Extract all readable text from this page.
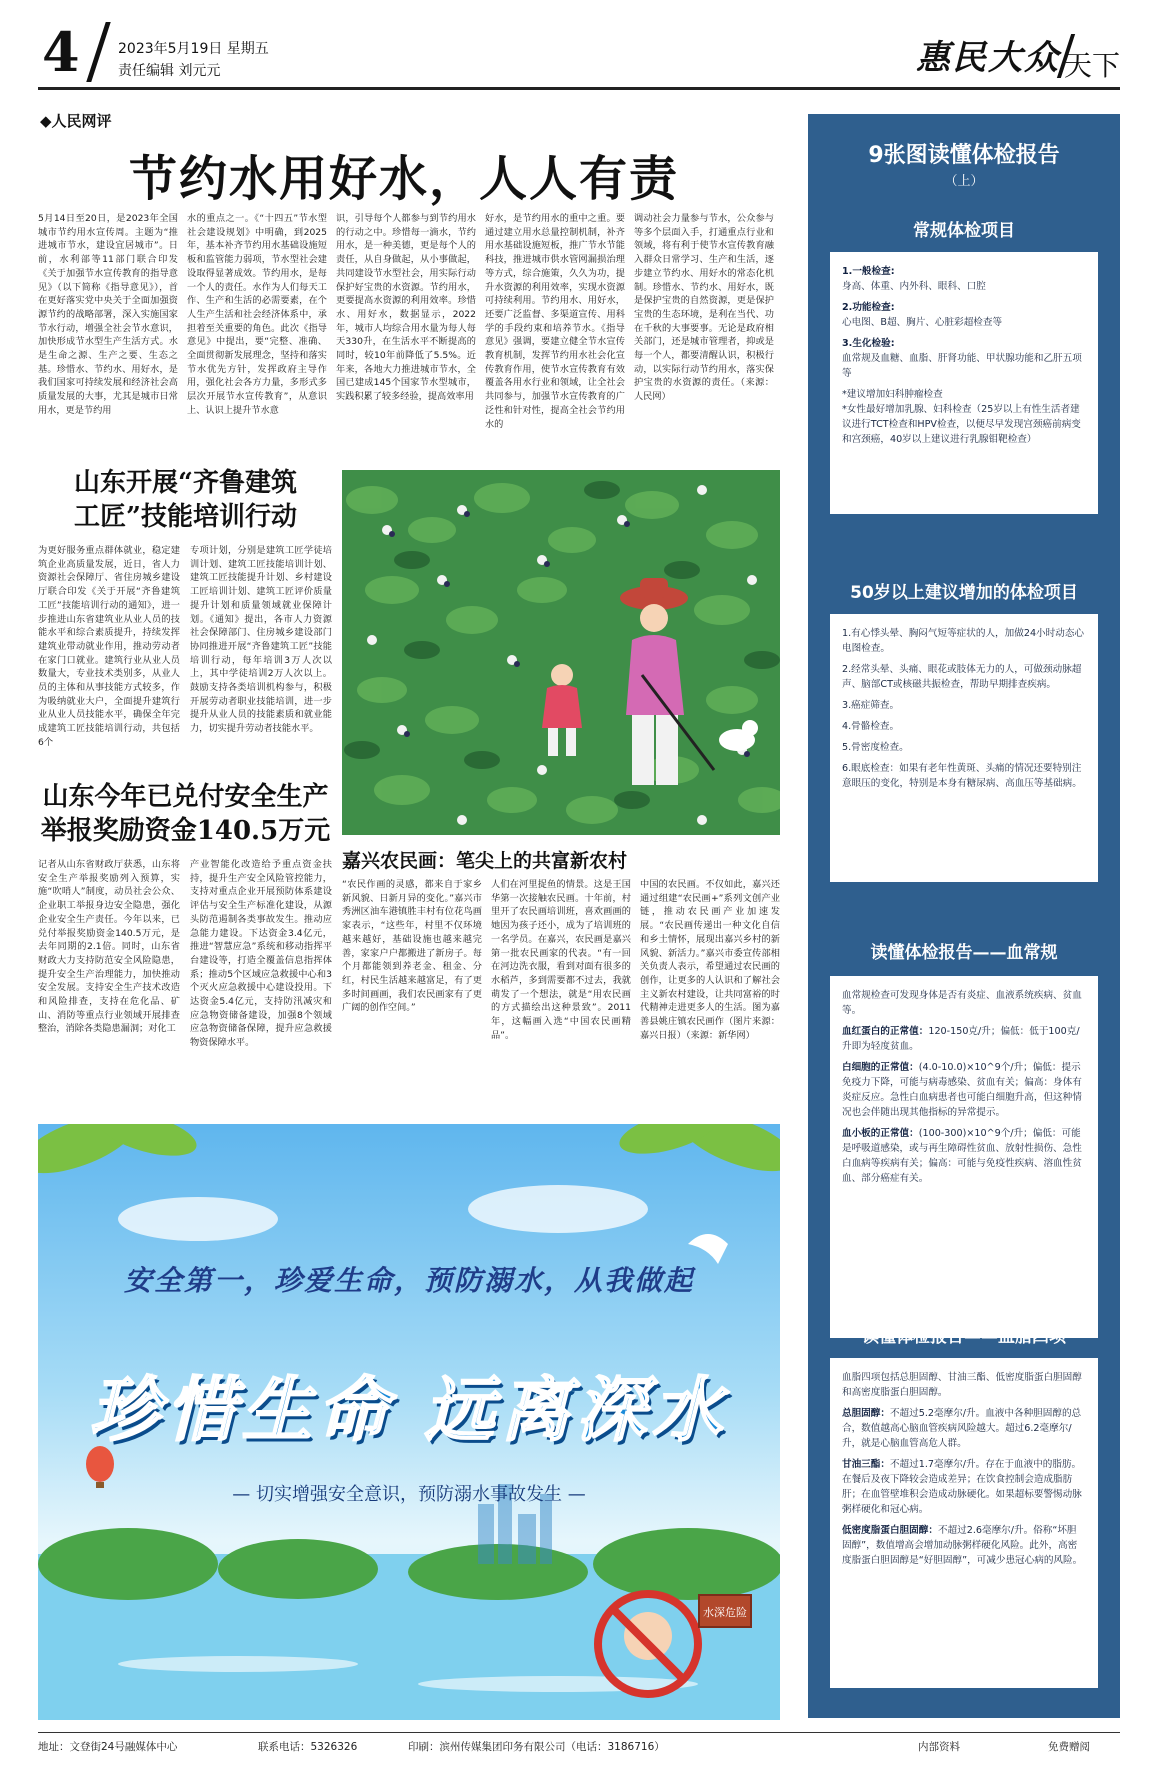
4	2023年5月19日 星期五
责任编辑 刘元元	惠民大众 天下
◆人民网评
节约水用好水，人人有责
5月14日至20日，是2023年全国城市节约用水宣传周。主题为“推进城市节水，建设宜居城市”。日前，水利部等11部门联合印发《关于加强节水宣传教育的指导意见》（以下简称《指导意见》），首在更好落实党中央关于全面加强资源节约的战略部署，深入实施国家节水行动，增强全社会节水意识，加快形成节水型生产生活方式。水是生命之源、生产之要、生态之基。珍惜水、节约水、用好水，是我们国家可持续发展和经济社会高质量发展的大事，尤其是城市日常用水，更是节约用
水的重点之一。《“十四五”节水型社会建设规划》中明确，到2025年，基本补齐节约用水基础设施短板和监管能力弱项，节水型社会建设取得显著成效。节约用水，是每一个人的责任。水作为人们每天工作、生产和生活的必需要素，在个人生产生活和社会经济体系中，承担着至关重要的角色。此次《指导意见》中提出，要“完整、准确、全面贯彻新发展理念，坚持和落实节水优先方针，发挥政府主导作用，强化社会各方力量，多形式多层次开展节水宣传教育”，从意识上、认识上提升节水意
识，引导每个人都参与到节约用水的行动之中。珍惜每一滴水，节约用水，是一种美德，更是每个人的责任，从自身做起，从小事做起，共同建设节水型社会，用实际行动保护好宝贵的水资源。节约用水，更要提高水资源的利用效率。珍惜水、用好水，数据显示，2022年，城市人均综合用水量为每人每天330升，在生活水平不断提高的同时，较10年前降低了5.5%。近年来，各地大力推进城市节水，全国已建成145个国家节水型城市，实践积累了较多经验，提高效率用
好水，是节约用水的重中之重。要通过建立用水总量控制机制，补齐用水基础设施短板，推广节水节能科技，推进城市供水管网漏损治理等方式，综合施策，久久为功，提升水资源的利用效率，实现水资源可持续利用。节约用水、用好水，还要广泛监督、多渠道宣传、用科学的手段约束和培养节水。《指导意见》强调，要建立健全节水宣传教育机制，发挥节约用水社会化宣传教育作用，使节水宣传教育有效覆盖各用水行业和领域，让全社会共同参与，加强节水宣传教育的广泛性和针对性，提高全社会节约用水的
调动社会力量参与节水，公众参与等多个层面入手，打通重点行业和领域，将有利于使节水宣传教育融入群众日常学习、生产和生活，逐步建立节约水、用好水的常态化机制。珍惜水、节约水、用好水，既是保护宝贵的自然资源，更是保护宝贵的生态环境，是利在当代、功在千秋的大事要事。无论是政府相关部门，还是城市管理者，抑或是每一个人，都要清醒认识，积极行动，以实际行动节约用水，落实保护宝贵的水资源的责任。（来源：人民网）
山东开展“齐鲁建筑
工匠”技能培训行动
为更好服务重点群体就业，稳定建筑企业高质量发展，近日，省人力资源社会保障厅、省住房城乡建设厅联合印发《关于开展“齐鲁建筑工匠”技能培训行动的通知》，进一步推进山东省建筑业从业人员的技能水平和综合素质提升，持续发挥建筑业带动就业作用，推动劳动者在家门口就业。建筑行业从业人员数量大，专业技术类别多，从业人员的主体和从事技能方式较多，作为吸纳就业大户，全面提升建筑行业从业人员技能水平，确保全年完成建筑工匠技能培训行动，共包括6个
专项计划，分别是建筑工匠学徒培训计划、建筑工匠技能培训计划、建筑工匠技能提升计划、乡村建设工匠培训计划、建筑工匠评价质量提升计划和质量领域就业保障计划。《通知》提出，各市人力资源社会保障部门、住房城乡建设部门协同推进开展“齐鲁建筑工匠”技能培训行动，每年培训3万人次以上，其中学徒培训2万人次以上。鼓励支持各类培训机构参与，积极开展劳动者职业技能培训，进一步提升从业人员的技能素质和就业能力，切实提升劳动者技能水平。
山东今年已兑付安全生产
举报奖励资金140.5万元
记者从山东省财政厅获悉，山东将安全生产举报奖励列入预算，实施“吹哨人”制度，动员社会公众、企业职工举报身边安全隐患，强化企业安全生产责任。今年以来，已兑付举报奖励资金140.5万元，是去年同期的2.1倍。同时，山东省财政大力支持防范安全风险隐患，提升安全生产治理能力，加快推动安全发展。支持安全生产技术改造和风险排查，支持在危化品、矿山、消防等重点行业领域开展排查整治，消除各类隐患漏洞；对化工
产业智能化改造给予重点资金扶持，提升生产安全风险管控能力，支持对重点企业开展预防体系建设评估与安全生产标准化建设，从源头防范遏制各类事故发生。推动应急能力建设。下达资金3.4亿元，推进“智慧应急”系统和移动指挥平台建设等，打造全覆盖信息指挥体系；推动5个区域应急救援中心和3个灭火应急救援中心建设投用。下达资金5.4亿元，支持防汛减灾和应急物资储备建设，加强8个领域应急物资储备保障，提升应急救援物资保障水平。
嘉兴农民画：笔尖上的共富新农村
“农民作画的灵感，都来自于家乡新风貌、日新月异的变化。”嘉兴市秀洲区油车港镇胜丰村有位花鸟画家表示，“这些年，村里不仅环境越来越好，基础设施也越来越完善，家家户户都搬进了新房子。每个月都能领到养老金、租金、分红，村民生活越来越富足，有了更多时间画画，我们农民画家有了更广阔的创作空间。”
人们在河里捉鱼的情景。这是王国华第一次接触农民画。十年前，村里开了农民画培训班，喜欢画画的她因为孩子还小，成为了培训班的一名学员。在嘉兴，农民画是嘉兴第一批农民画家的代表。“有一回在河边洗衣服，看到对面有很多的水稻芦，多到需要都不过去，我就萌发了一个想法，就是“用农民画的方式描绘出这种景致”。2011年，这幅画入选“中国农民画精品”。
中国的农民画。不仅如此，嘉兴还通过组建“农民画+”系列文创产业链，推动农民画产业加速发展。“农民画传递出一种文化自信和乡土情怀，展现出嘉兴乡村的新风貌、新活力。”嘉兴市委宣传部相关负责人表示，希望通过农民画的创作，让更多的人认识和了解社会主义新农村建设，让共同富裕的时代精神走进更多人的生活。图为嘉善县姚庄镇农民画作（图片来源：嘉兴日报）（来源：新华网）
9张图读懂体检报告
（上）
常规体检项目

1.一般检查:
身高、体重、内外科、眼科、口腔

2.功能检查:
心电图、B超、胸片、心脏彩超检查等

3.生化检验:
血常规及血糖、血脂、肝肾功能、甲状腺功能和乙肝五项等

*建议增加妇科肿瘤检查
*女性最好增加乳腺、妇科检查（25岁以上有性生活者建议进行TCT检查和HPV检查，以便尽早发现宫颈癌前病变和宫颈癌，40岁以上建议进行乳腺钼靶检查）

50岁以上建议增加的体检项目

1.有心悸头晕、胸闷气短等症状的人，加做24小时动态心电图检查。

2.经常头晕、头痛、眼花或肢体无力的人，可做颈动脉超声、脑部CT或核磁共振检查，帮助早期排查疾病。

3.癌症筛查。

4.骨骼检查。

5.骨密度检查。

6.眼底检查：如果有老年性黄斑、头痛的情况还要特别注意眼压的变化，特别是本身有糖尿病、高血压等基础病。

读懂体检报告——血常规

血常规检查可发现身体是否有炎症、血液系统疾病、贫血等。

血红蛋白的正常值：120-150克/升；偏低：低于100克/升即为轻度贫血。

白细胞的正常值：(4.0-10.0)×10^9个/升；偏低：提示免疫力下降，可能与病毒感染、贫血有关；偏高：身体有炎症反应。急性白血病患者也可能白细胞升高，但这种情况也会伴随出现其他指标的异常提示。

血小板的正常值：(100-300)×10^9个/升；偏低：可能是呼吸道感染，或与再生障碍性贫血、放射性损伤、急性白血病等疾病有关；偏高：可能与免疫性疾病、溶血性贫血、部分癌症有关。

读懂体检报告——血脂四项

血脂四项包括总胆固醇、甘油三酯、低密度脂蛋白胆固醇和高密度脂蛋白胆固醇。

总胆固醇：不超过5.2毫摩尔/升。血液中各种胆固醇的总合，数值越高心脑血管疾病风险越大。超过6.2毫摩尔/升，就是心脑血管高危人群。

甘油三酯：不超过1.7毫摩尔/升。存在于血液中的脂肪。在餐后及夜下降较会造成差异；在饮食控制会造成脂肪肝；在血管壁堆积会造成动脉硬化。如果超标要警惕动脉粥样硬化和冠心病。

低密度脂蛋白胆固醇：不超过2.6毫摩尔/升。俗称“坏胆固醇”，数值增高会增加动脉粥样硬化风险。此外，高密度脂蛋白胆固醇是“好胆固醇”，可减少患冠心病的风险。

安全第一，珍爱生命，预防溺水，从我做起
珍惜生命 远离深水
— 切实增强安全意识，预防溺水事故发生 —
水深危险
地址：文登街24号融媒体中心	联系电话：5326326	印刷：滨州传媒集团印务有限公司（电话：3186716）	内部资料	免费赠阅
